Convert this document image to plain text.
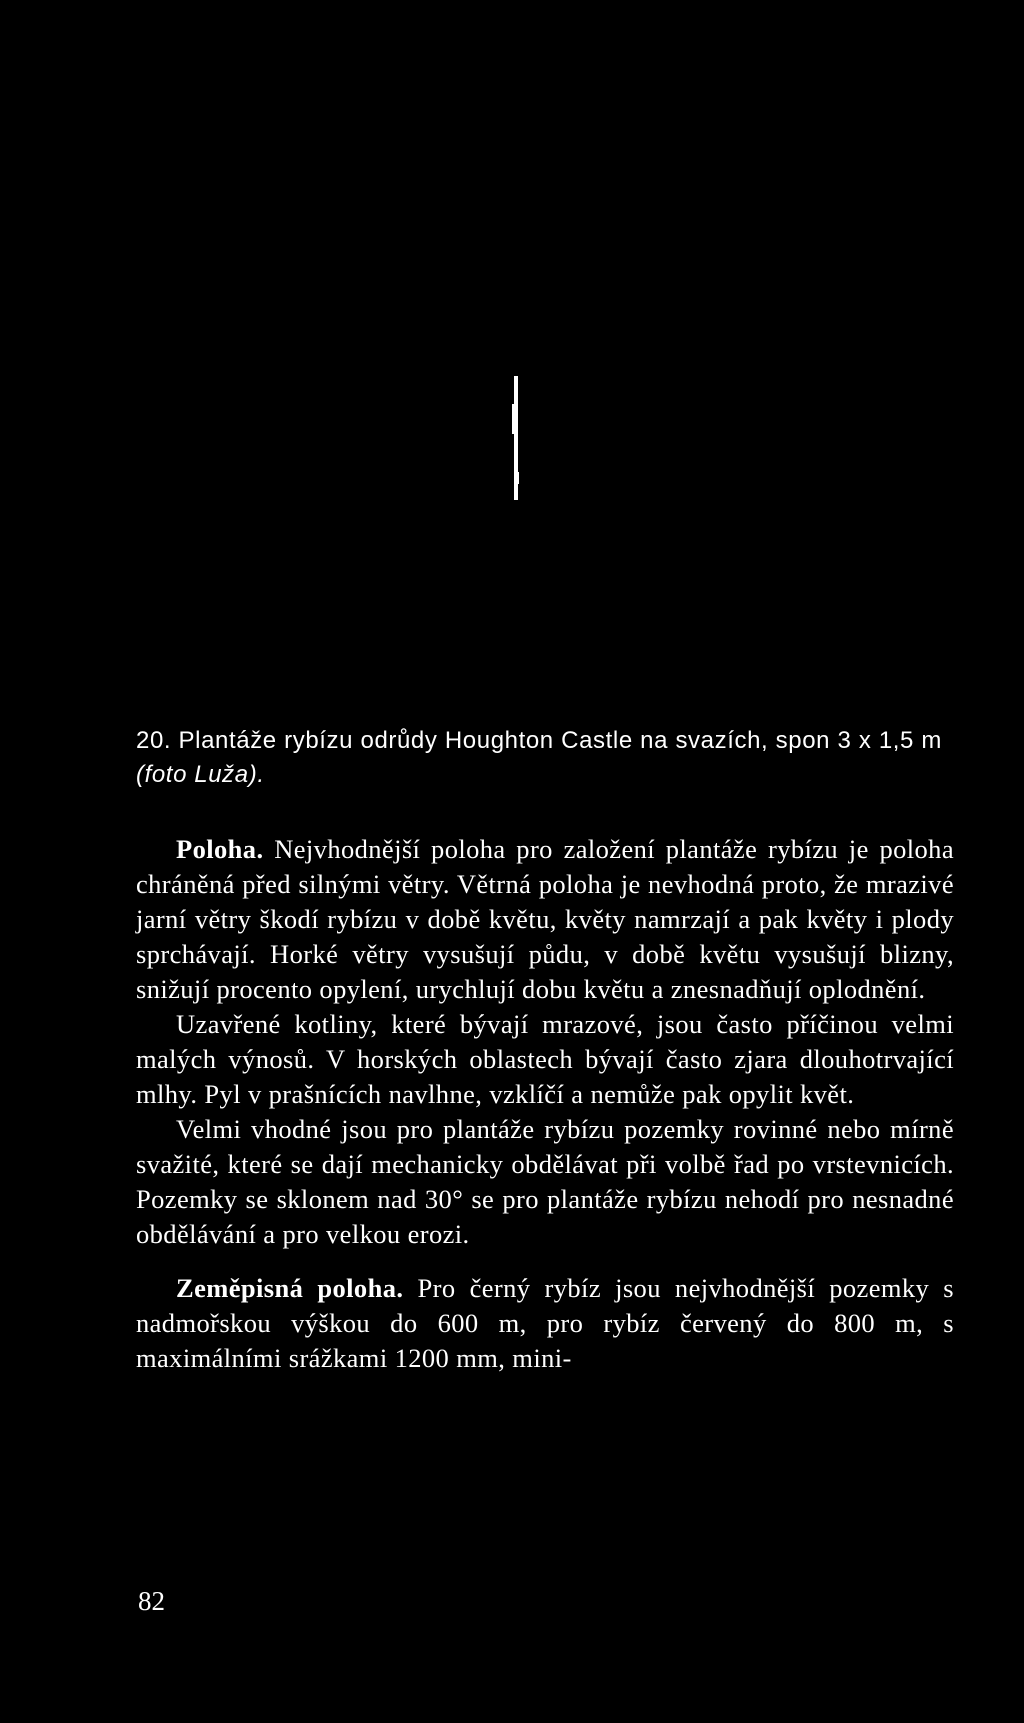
20. Plantáže rybízu odrůdy Houghton Castle na svazích, spon 3 x 1,5 m (foto Luža).

Poloha. Nejvhodnější poloha pro založení plantáže rybízu je poloha chráněná před silnými větry. Větrná poloha je nevhodná proto, že mrazivé jarní větry škodí rybízu v době květu, květy namrzají a pak květy i plody sprchávají. Horké větry vysušují půdu, v době květu vysušují blizny, snižují procento opylení, urychlují dobu květu a znesnadňují oplodnění.

Uzavřené kotliny, které bývají mrazové, jsou často příčinou velmi malých výnosů. V horských oblastech bývají často zjara dlouhotrvající mlhy. Pyl v prašnících navlhne, vzklíčí a nemůže pak opylit květ.

Velmi vhodné jsou pro plantáže rybízu pozemky rovinné nebo mírně svažité, které se dají mechanicky obdělávat při volbě řad po vrstevnicích. Pozemky se sklonem nad 30° se pro plantáže rybízu nehodí pro nesnadné obdělávání a pro velkou erozi.

Zeměpisná poloha. Pro černý rybíz jsou nejvhodnější pozemky s nadmořskou výškou do 600 m, pro rybíz červený do 800 m, s maximálními srážkami 1200 mm, mini-

82
